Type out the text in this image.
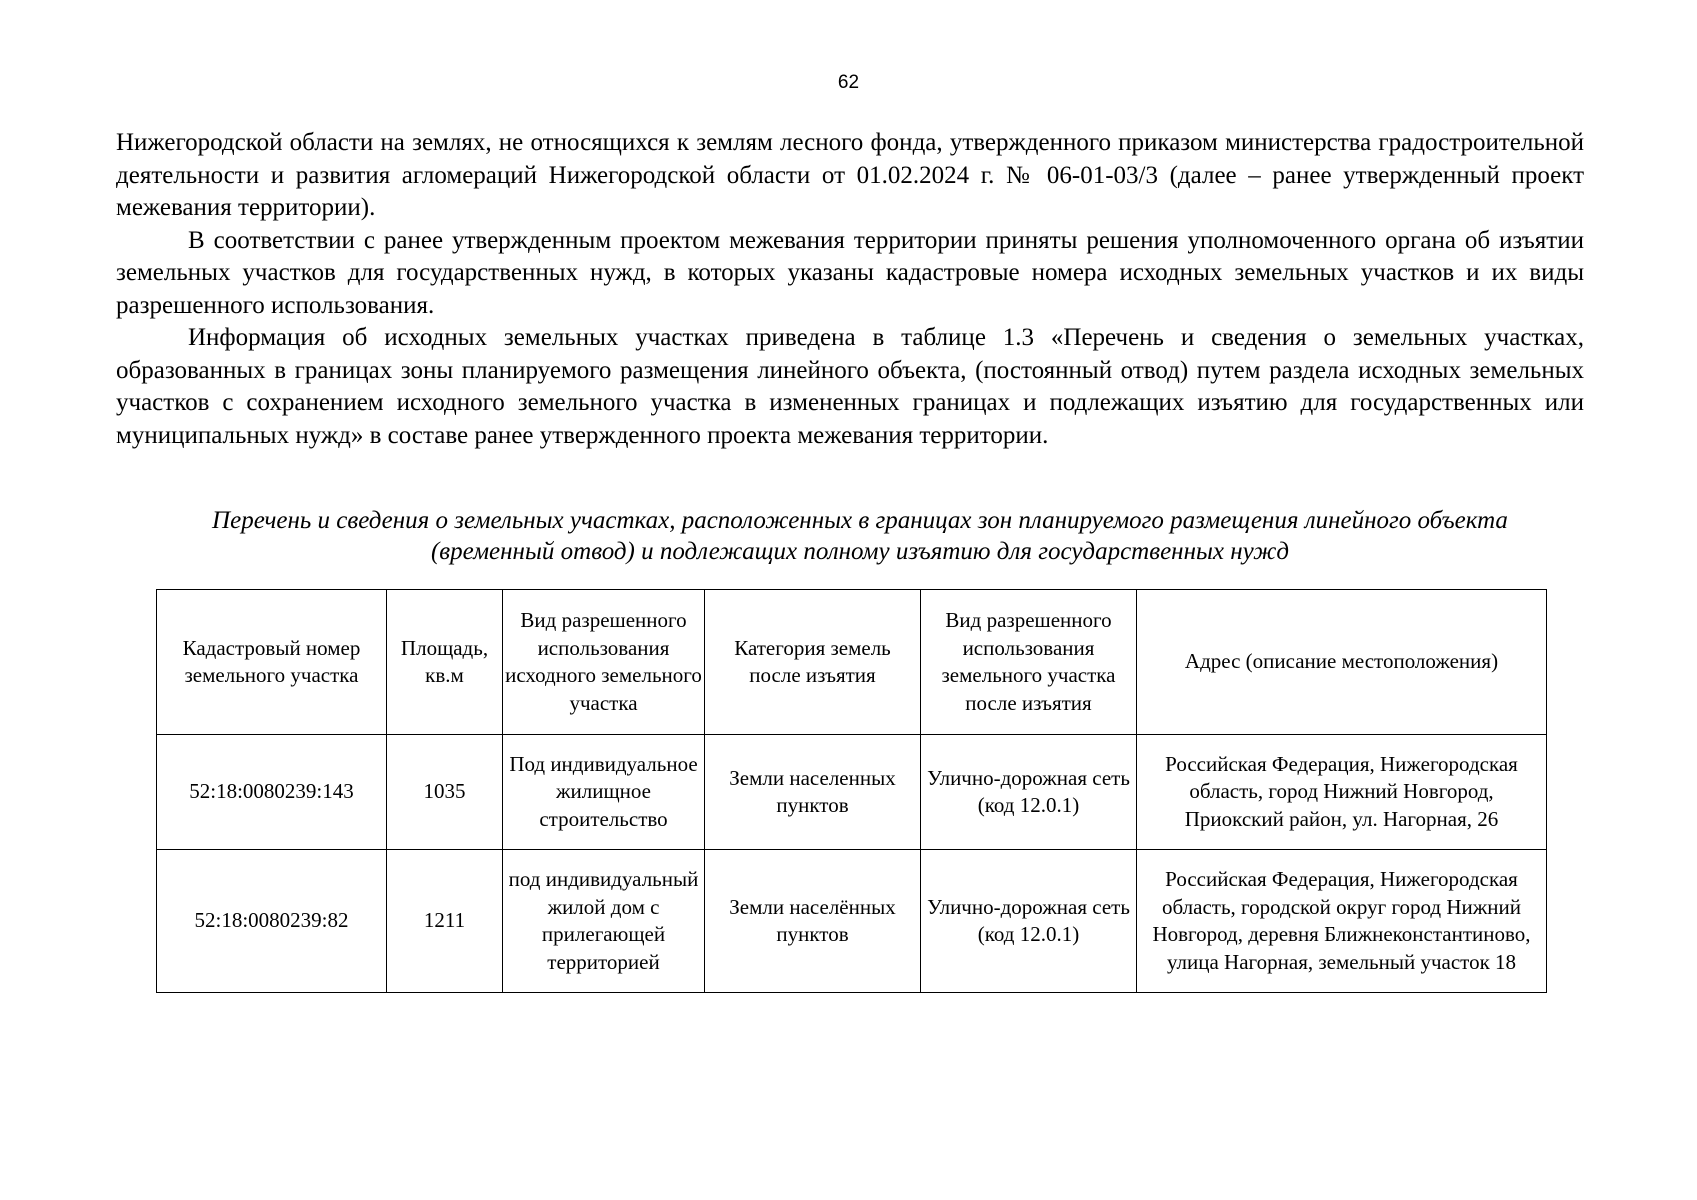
62

Нижегородской области на землях, не относящихся к землям лесного фонда, утвержденного приказом министерства градостроительной деятельности и развития агломераций Нижегородской области от 01.02.2024 г. № 06-01-03/3 (далее – ранее утвержденный проект межевания территории).

В соответствии с ранее утвержденным проектом межевания территории приняты решения уполномоченного органа об изъятии земельных участков для государственных нужд, в которых указаны кадастровые номера исходных земельных участков и их виды разрешенного использования.

Информация об исходных земельных участках приведена в таблице 1.3 «Перечень и сведения о земельных участках, образованных в границах зоны планируемого размещения линейного объекта, (постоянный отвод) путем раздела исходных земельных участков с сохранением исходного земельного участка в измененных границах и подлежащих изъятию для государственных или муниципальных нужд» в составе ранее утвержденного проекта межевания территории.

Перечень и сведения о земельных участках, расположенных в границах зон планируемого размещения линейного объекта (временный отвод) и подлежащих полному изъятию для государственных нужд
Кадастровый номер земельного участка	Площадь, кв.м	Вид разрешенного использования исходного земельного участка	Категория земель после изъятия	Вид разрешенного использования земельного участка после изъятия	Адрес (описание местоположения)
52:18:0080239:143	1035	Под индивидуальное жилищное строительство	Земли населенных пунктов	Улично-дорожная сеть (код 12.0.1)	Российская Федерация, Нижегородская область, город Нижний Новгород, Приокский район, ул. Нагорная, 26
52:18:0080239:82	1211	под индивидуальный жилой дом с прилегающей территорией	Земли населённых пунктов	Улично-дорожная сеть (код 12.0.1)	Российская Федерация, Нижегородская область, городской округ город Нижний Новгород, деревня Ближнеконстантиново, улица Нагорная, земельный участок 18
